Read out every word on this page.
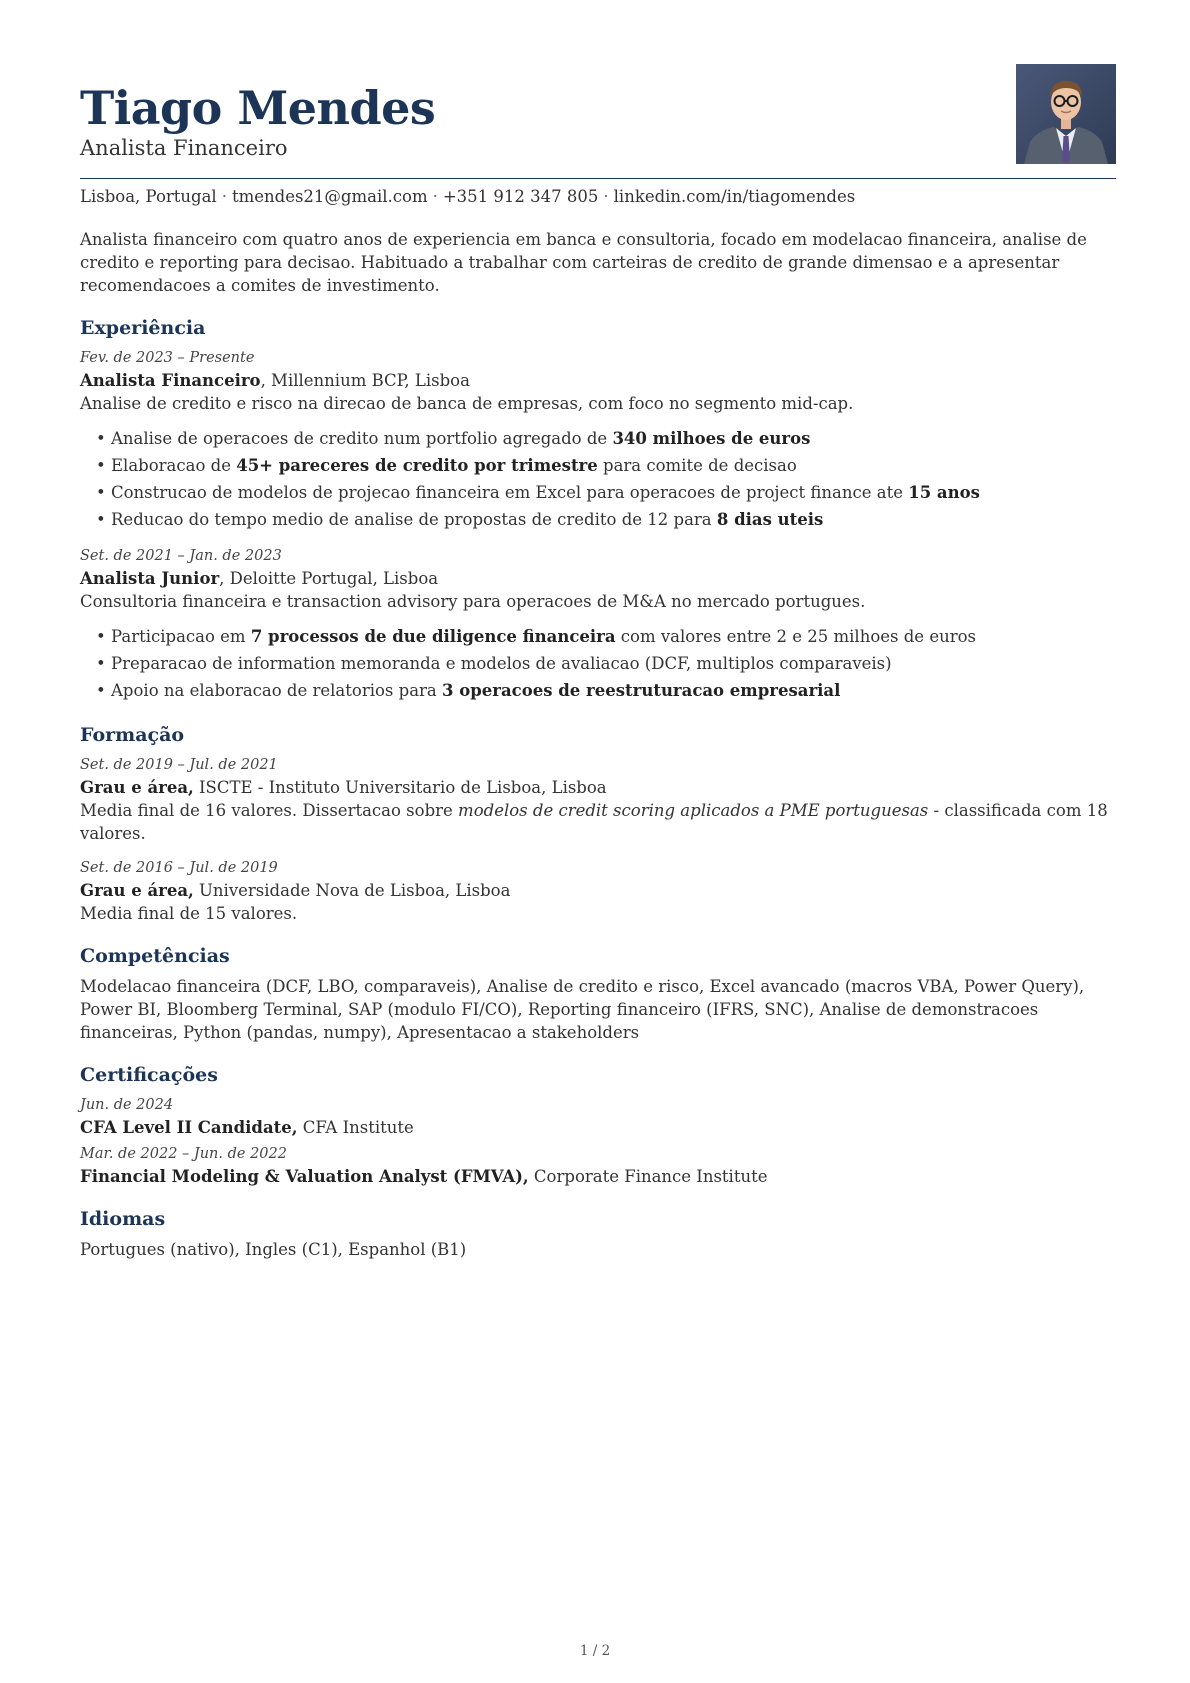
Tiago Mendes
Analista Financeiro
Lisboa, Portugal · tmendes21@gmail.com · +351 912 347 805 · linkedin.com/in/tiagomendes

Analista financeiro com quatro anos de experiencia em banca e consultoria, focado em modelacao financeira, analise de credito e reporting para decisao. Habituado a trabalhar com carteiras de credito de grande dimensao e a apresentar recomendacoes a comites de investimento.

Experiência
Fev. de 2023 – Presente
Analista Financeiro, Millennium BCP, Lisboa
Analise de credito e risco na direcao de banca de empresas, com foco no segmento mid-cap.
• Analise de operacoes de credito num portfolio agregado de 340 milhoes de euros
• Elaboracao de 45+ pareceres de credito por trimestre para comite de decisao
• Construcao de modelos de projecao financeira em Excel para operacoes de project finance ate 15 anos
• Reducao do tempo medio de analise de propostas de credito de 12 para 8 dias uteis
Set. de 2021 – Jan. de 2023
Analista Junior, Deloitte Portugal, Lisboa
Consultoria financeira e transaction advisory para operacoes de M&A no mercado portugues.
• Participacao em 7 processos de due diligence financeira com valores entre 2 e 25 milhoes de euros
• Preparacao de information memoranda e modelos de avaliacao (DCF, multiplos comparaveis)
• Apoio na elaboracao de relatorios para 3 operacoes de reestruturacao empresarial
Formação
Set. de 2019 – Jul. de 2021
Grau e área, ISCTE - Instituto Universitario de Lisboa, Lisboa
Media final de 16 valores. Dissertacao sobre modelos de credit scoring aplicados a PME portuguesas - classificada com 18 valores.
Set. de 2016 – Jul. de 2019
Grau e área, Universidade Nova de Lisboa, Lisboa
Media final de 15 valores.
Competências

Modelacao financeira (DCF, LBO, comparaveis), Analise de credito e risco, Excel avancado (macros VBA, Power Query), Power BI, Bloomberg Terminal, SAP (modulo FI/CO), Reporting financeiro (IFRS, SNC), Analise de demonstracoes financeiras, Python (pandas, numpy), Apresentacao a stakeholders

Certificações
Jun. de 2024
CFA Level II Candidate, CFA Institute
Mar. de 2022 – Jun. de 2022
Financial Modeling & Valuation Analyst (FMVA), Corporate Finance Institute
Idiomas

Portugues (nativo), Ingles (C1), Espanhol (B1)

1 / 2
